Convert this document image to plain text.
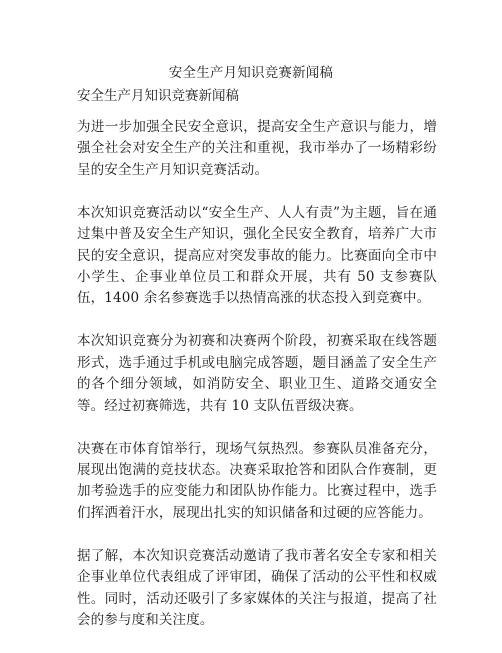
安全生产月知识竞赛新闻稿
安全生产月知识竞赛新闻稿

为进一步加强全民安全意识，提高安全生产意识与能力，增强全社会对安全生产的关注和重视，我市举办了一场精彩纷呈的安全生产月知识竞赛活动。

本次知识竞赛活动以“安全生产、人人有责”为主题，旨在通过集中普及安全生产知识，强化全民安全教育，培养广大市民的安全意识，提高应对突发事故的能力。比赛面向全市中小学生、企事业单位员工和群众开展，共有 50 支参赛队伍，1400 余名参赛选手以热情高涨的状态投入到竞赛中。

本次知识竞赛分为初赛和决赛两个阶段，初赛采取在线答题形式，选手通过手机或电脑完成答题，题目涵盖了安全生产的各个细分领域，如消防安全、职业卫生、道路交通安全等。经过初赛筛选，共有 10 支队伍晋级决赛。

决赛在市体育馆举行，现场气氛热烈。参赛队员准备充分，展现出饱满的竞技状态。决赛采取抢答和团队合作赛制，更加考验选手的应变能力和团队协作能力。比赛过程中，选手们挥洒着汗水，展现出扎实的知识储备和过硬的应答能力。

据了解，本次知识竞赛活动邀请了我市著名安全专家和相关企事业单位代表组成了评审团，确保了活动的公平性和权威性。同时，活动还吸引了多家媒体的关注与报道，提高了社会的参与度和关注度。
